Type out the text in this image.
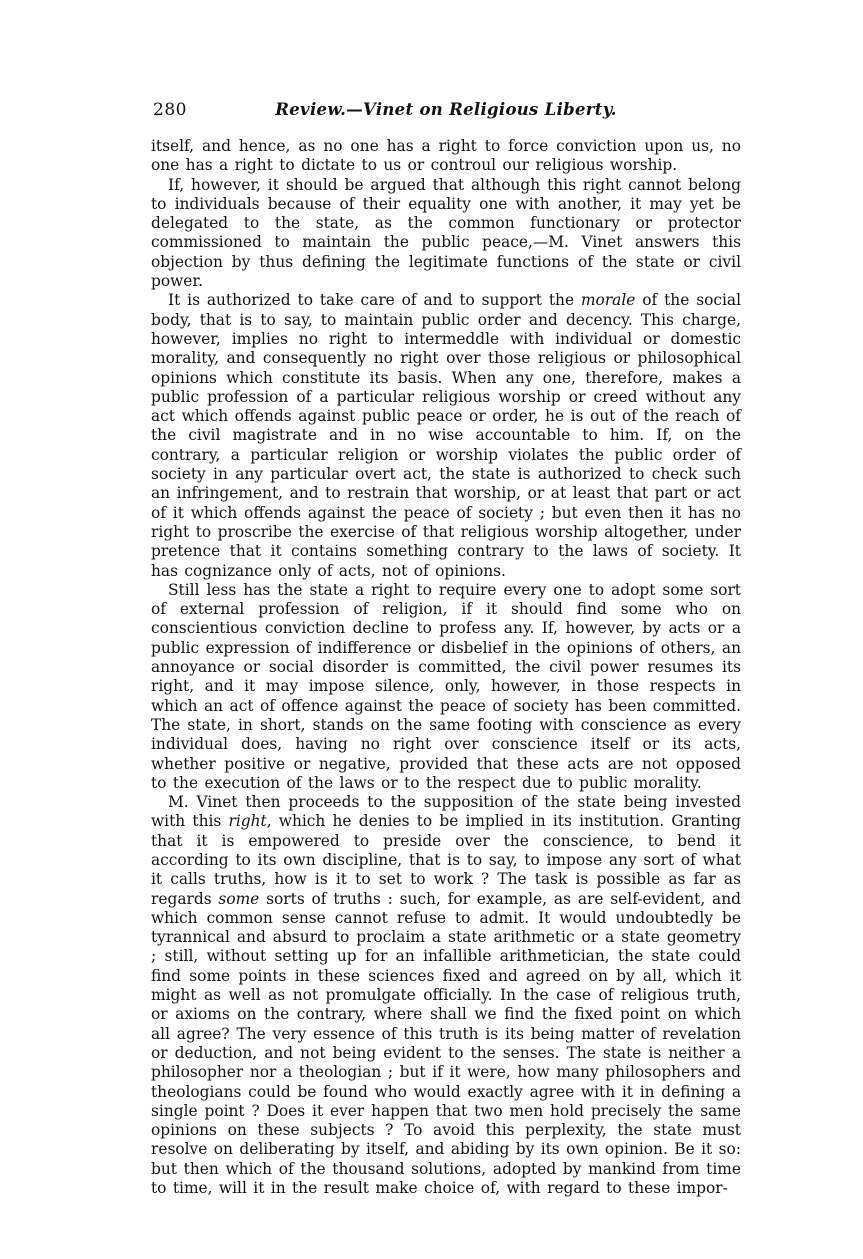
280	Review.—Vinet on Religious Liberty.

itself, and hence, as no one has a right to force conviction upon us, no one has a right to dictate to us or controul our religious worship.

If, however, it should be argued that although this right cannot belong to individuals because of their equality one with another, it may yet be delegated to the state, as the common functionary or protector commissioned to maintain the public peace,—M. Vinet answers this objection by thus defining the legitimate functions of the state or civil power.

It is authorized to take care of and to support the morale of the social body, that is to say, to maintain public order and decency. This charge, however, implies no right to intermeddle with individual or domestic morality, and consequently no right over those religious or philosophical opinions which constitute its basis. When any one, therefore, makes a public profession of a particular religious worship or creed without any act which offends against public peace or order, he is out of the reach of the civil magistrate and in no wise accountable to him. If, on the contrary, a particular religion or worship violates the public order of society in any particular overt act, the state is authorized to check such an infringement, and to restrain that worship, or at least that part or act of it which offends against the peace of society ; but even then it has no right to proscribe the exercise of that religious worship altogether, under pretence that it contains something contrary to the laws of society. It has cognizance only of acts, not of opinions.

Still less has the state a right to require every one to adopt some sort of external profession of religion, if it should find some who on conscientious conviction decline to profess any. If, however, by acts or a public expression of indifference or disbelief in the opinions of others, an annoyance or social disorder is committed, the civil power resumes its right, and it may impose silence, only, however, in those respects in which an act of offence against the peace of society has been committed. The state, in short, stands on the same footing with conscience as every individual does, having no right over conscience itself or its acts, whether positive or negative, provided that these acts are not opposed to the execution of the laws or to the respect due to public morality.

M. Vinet then proceeds to the supposition of the state being invested with this right, which he denies to be implied in its institution. Granting that it is empowered to preside over the conscience, to bend it according to its own discipline, that is to say, to impose any sort of what it calls truths, how is it to set to work ? The task is possible as far as regards some sorts of truths : such, for example, as are self-evident, and which common sense cannot refuse to admit. It would undoubtedly be tyrannical and absurd to proclaim a state arithmetic or a state geometry ; still, without setting up for an infallible arithmetician, the state could find some points in these sciences fixed and agreed on by all, which it might as well as not promulgate officially. In the case of religious truth, or axioms on the contrary, where shall we find the fixed point on which all agree? The very essence of this truth is its being matter of revelation or deduction, and not being evident to the senses. The state is neither a philosopher nor a theologian ; but if it were, how many philosophers and theologians could be found who would exactly agree with it in defining a single point ? Does it ever happen that two men hold precisely the same opinions on these subjects ? To avoid this perplexity, the state must resolve on deliberating by itself, and abiding by its own opinion. Be it so: but then which of the thousand solutions, adopted by mankind from time to time, will it in the result make choice of, with regard to these impor-
